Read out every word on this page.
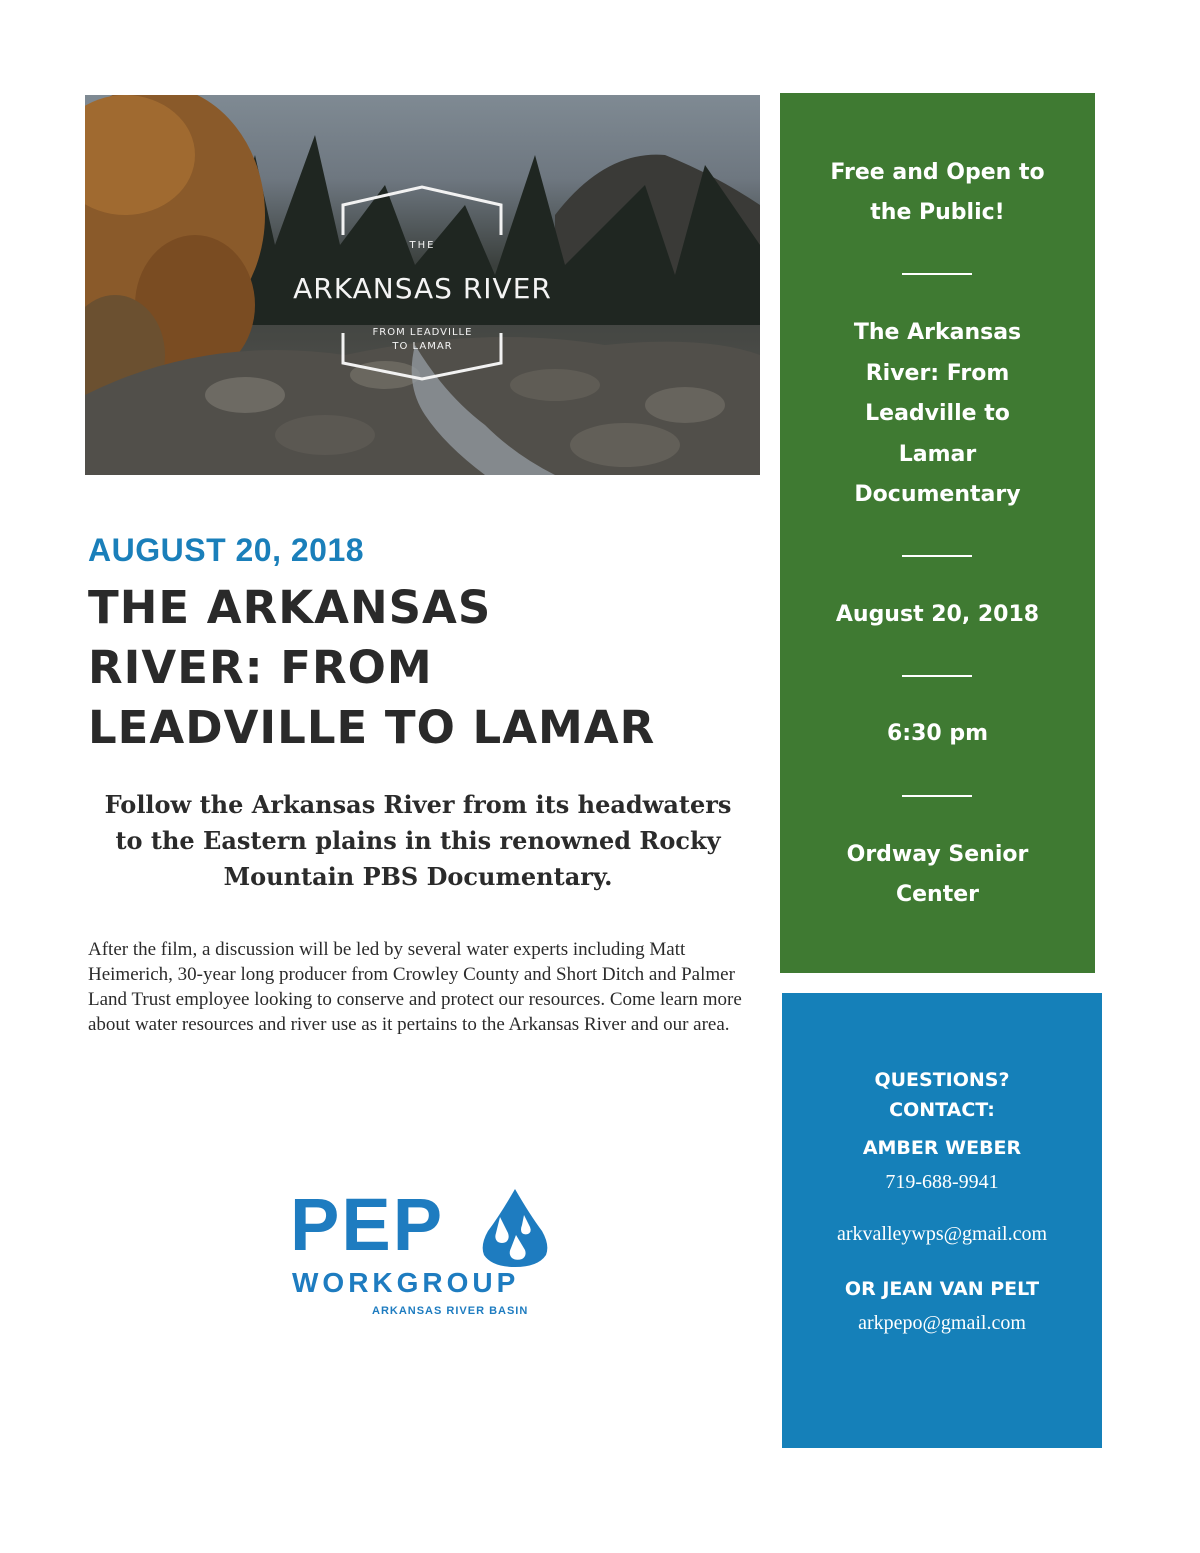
THE
ARKANSAS RIVER
FROM LEADVILLE
TO LAMAR
AUGUST 20, 2018
THE ARKANSAS
RIVER: FROM
LEADVILLE TO LAMAR

Follow the Arkansas River from its headwaters to the Eastern plains in this renowned Rocky Mountain PBS Documentary.

After the film, a discussion will be led by several water experts including Matt Heimerich, 30-year long producer from Crowley County and Short Ditch and Palmer Land Trust employee looking to conserve and protect our resources. Come learn more about water resources and river use as it pertains to the Arkansas River and our area.

PEP
WORKGROUP
ARKANSAS RIVER BASIN
Free and Open to
the Public!
The Arkansas
River: From
Leadville to
Lamar
Documentary
August 20, 2018
6:30 pm
Ordway Senior
Center
QUESTIONS?
CONTACT:
AMBER WEBER
719-688-9941
arkvalleywps@gmail.com
OR JEAN VAN PELT
arkpepo@gmail.com
